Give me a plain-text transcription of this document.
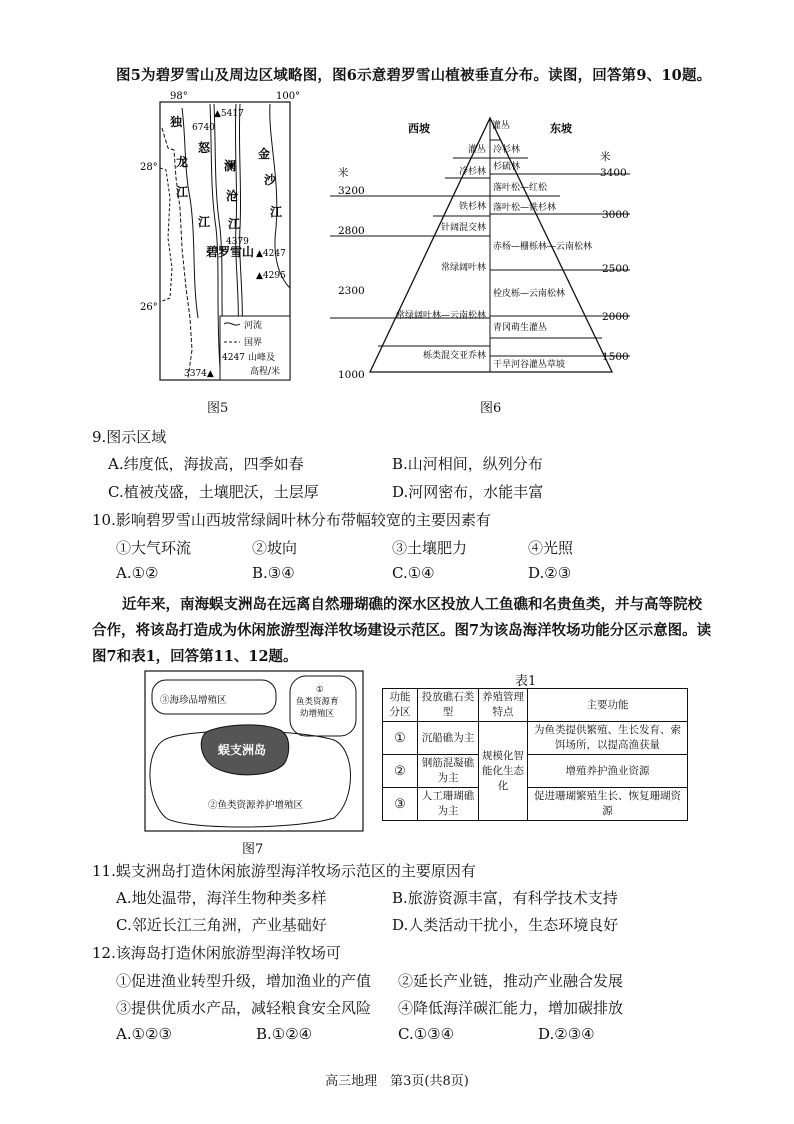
图5为碧罗雪山及周边区域略图，图6示意碧罗雪山植被垂直分布。读图，回答第9、10题。
98°	100°
28°
26°
独
龙
江
怒
江
澜
沧
江
金
沙
江
碧罗雪山
▲5417
6740
4379
▲4247
▲4295
3374▲
河流
国界
4247 山峰及
高程/米
图5
西坡	东坡
灌丛
灌丛
冷杉林
铁杉林
针阔混交林
常绿阔叶林
常绿阔叶林—云南松林
栎类混交亚乔林
冷杉林
杉硫林
落叶松—红松
落叶松—铁杉林
赤杨—栅栎林—云南松林
栓皮栎—云南松林
青冈萌生灌丛
干旱河谷灌丛草坡
米
3200
2800
2300
1000
米
3400
3000
2500
2000
1500
图6
9.图示区域
A.纬度低，海拔高，四季如春	B.山河相间，纵列分布
C.植被茂盛，土壤肥沃，土层厚	D.河网密布，水能丰富
10.影响碧罗雪山西坡常绿阔叶林分布带幅较宽的主要因素有
①大气环流	②坡向	③土壤肥力	④光照
A.①②	B.③④	C.①④	D.②③
近年来，南海蜈支洲岛在远离自然珊瑚礁的深水区投放人工鱼礁和名贵鱼类，并与高等院校合作，将该岛打造成为休闲旅游型海洋牧场建设示范区。图7为该岛海洋牧场功能分区示意图。读图7和表1，回答第11、12题。
③海珍品增殖区
①
鱼类资源育
幼增殖区
蜈支洲岛
②鱼类资源养护增殖区
图7
表1
功能分区	投放礁石类型	养殖管理特点	主要功能
①	沉船礁为主	规模化智能化生态化	为鱼类提供繁殖、生长发育、索饵场所，以提高渔获量
②	钢筋混凝礁为主		增殖养护渔业资源
③	人工珊瑚礁为主		促进珊瑚繁殖生长、恢复珊瑚资源
11.蜈支洲岛打造休闲旅游型海洋牧场示范区的主要原因有
A.地处温带，海洋生物种类多样	B.旅游资源丰富，有科学技术支持
C.邻近长江三角洲，产业基础好	D.人类活动干扰小，生态环境良好
12.该海岛打造休闲旅游型海洋牧场可
①促进渔业转型升级，增加渔业的产值 ②延长产业链，推动产业融合发展
③提供优质水产品，减轻粮食安全风险 ④降低海洋碳汇能力，增加碳排放
A.①②③	B.①②④	C.①③④	D.②③④
高三地理　第3页(共8页)
